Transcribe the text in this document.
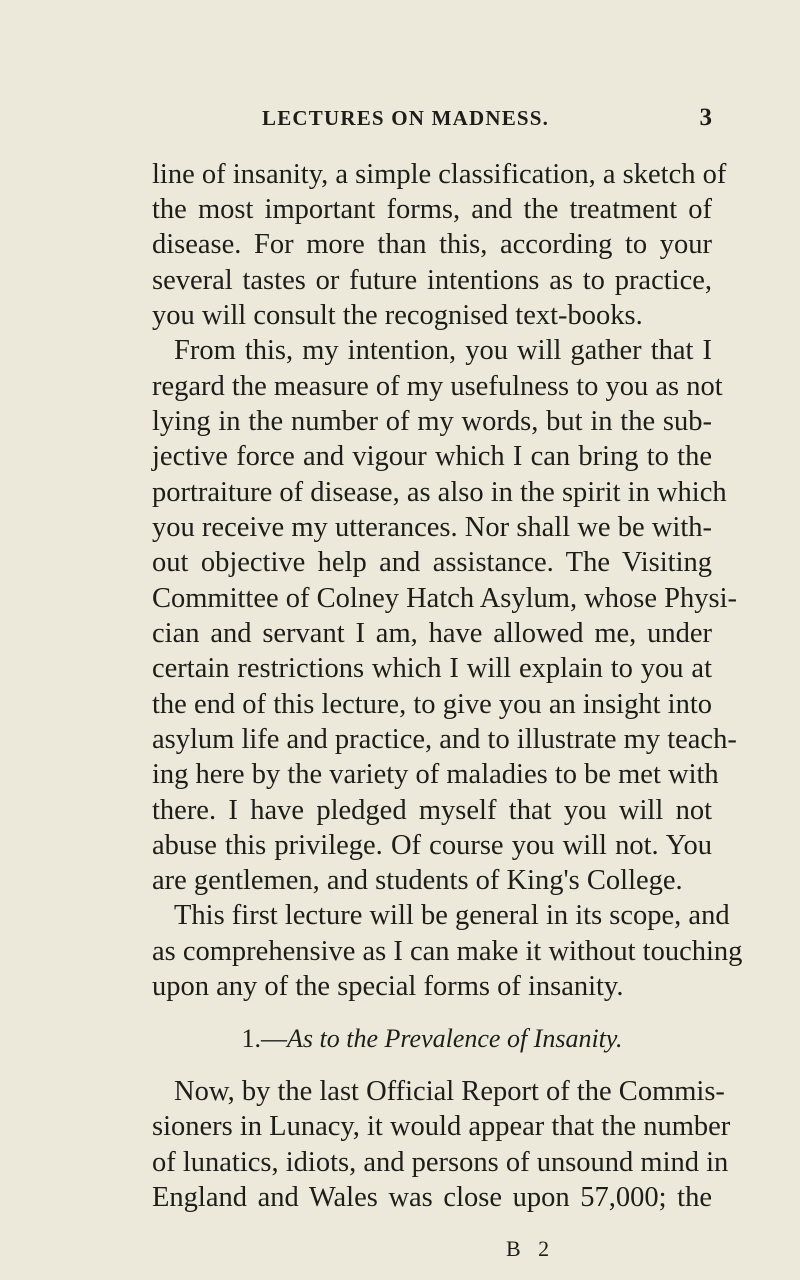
LECTURES ON MADNESS.	3
line of insanity, a simple classification, a sketch of
the most important forms, and the treatment of
disease. For more than this, according to your
several tastes or future intentions as to practice,
you will consult the recognised text-books.
From this, my intention, you will gather that I
regard the measure of my usefulness to you as not
lying in the number of my words, but in the sub-
jective force and vigour which I can bring to the
portraiture of disease, as also in the spirit in which
you receive my utterances. Nor shall we be with-
out objective help and assistance. The Visiting
Committee of Colney Hatch Asylum, whose Physi-
cian and servant I am, have allowed me, under
certain restrictions which I will explain to you at
the end of this lecture, to give you an insight into
asylum life and practice, and to illustrate my teach-
ing here by the variety of maladies to be met with
there. I have pledged myself that you will not
abuse this privilege. Of course you will not. You
are gentlemen, and students of King's College.
This first lecture will be general in its scope, and
as comprehensive as I can make it without touching
upon any of the special forms of insanity.
1.—As to the Prevalence of Insanity.
Now, by the last Official Report of the Commis-
sioners in Lunacy, it would appear that the number
of lunatics, idiots, and persons of unsound mind in
England and Wales was close upon 57,000; the
B 2
